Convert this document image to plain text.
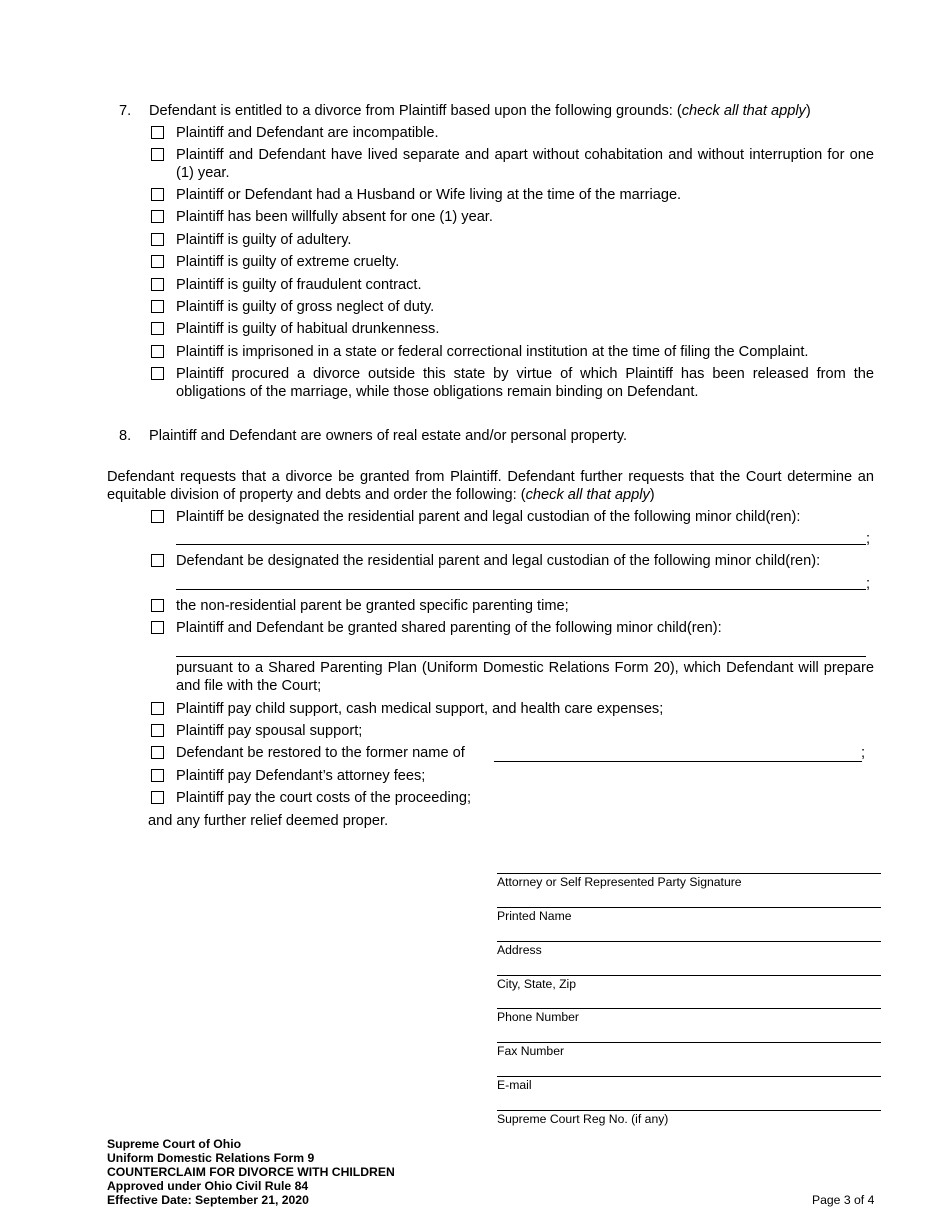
7. Defendant is entitled to a divorce from Plaintiff based upon the following grounds: (check all that apply)
Plaintiff and Defendant are incompatible.
Plaintiff and Defendant have lived separate and apart without cohabitation and without interruption for one (1) year.
Plaintiff or Defendant had a Husband or Wife living at the time of the marriage.
Plaintiff has been willfully absent for one (1) year.
Plaintiff is guilty of adultery.
Plaintiff is guilty of extreme cruelty.
Plaintiff is guilty of fraudulent contract.
Plaintiff is guilty of gross neglect of duty.
Plaintiff is guilty of habitual drunkenness.
Plaintiff is imprisoned in a state or federal correctional institution at the time of filing the Complaint.
Plaintiff procured a divorce outside this state by virtue of which Plaintiff has been released from the obligations of the marriage, while those obligations remain binding on Defendant.
8. Plaintiff and Defendant are owners of real estate and/or personal property.
Defendant requests that a divorce be granted from Plaintiff. Defendant further requests that the Court determine an equitable division of property and debts and order the following: (check all that apply)
Plaintiff be designated the residential parent and legal custodian of the following minor child(ren):
;
Defendant be designated the residential parent and legal custodian of the following minor child(ren):
;
the non-residential parent be granted specific parenting time;
Plaintiff and Defendant be granted shared parenting of the following minor child(ren):
pursuant to a Shared Parenting Plan (Uniform Domestic Relations Form 20), which Defendant will prepare and file with the Court;
Plaintiff pay child support, cash medical support, and health care expenses;
Plaintiff pay spousal support;
Defendant be restored to the former name of	;
Plaintiff pay Defendant’s attorney fees;
Plaintiff pay the court costs of the proceeding;
and any further relief deemed proper.
Attorney or Self Represented Party Signature
Printed Name
Address
City, State, Zip
Phone Number
Fax Number
E-mail
Supreme Court Reg No. (if any)
Supreme Court of Ohio
Uniform Domestic Relations Form 9
COUNTERCLAIM FOR DIVORCE WITH CHILDREN
Approved under Ohio Civil Rule 84
Effective Date: September 21, 2020	Page 3 of 4
